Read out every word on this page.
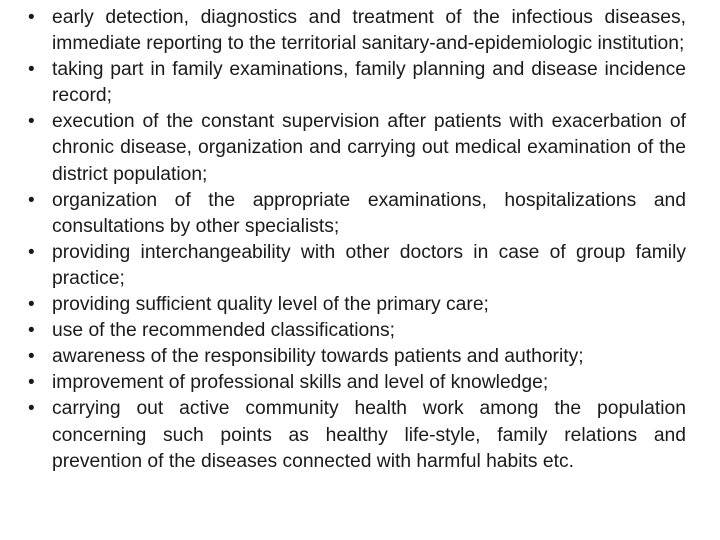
• early detection, diagnostics and treatment of the infectious diseases, immediate reporting to the territorial sanitary-and-epidemiologic institution;
• taking part in family examinations, family planning and disease incidence record;
• execution of the constant supervision after patients with exacerbation of chronic disease, organization and carrying out medical examination of the district population;
• organization of the appropriate examinations, hospitalizations and consultations by other specialists;
• providing interchangeability with other doctors in case of group family practice;
• providing sufficient quality level of the primary care;
• use of the recommended classifications;
• awareness of the responsibility towards patients and authority;
• improvement of professional skills and level of knowledge;
• carrying out active community health work among the population concerning such points as healthy life-style, family relations and prevention of the diseases connected with harmful habits etc.
